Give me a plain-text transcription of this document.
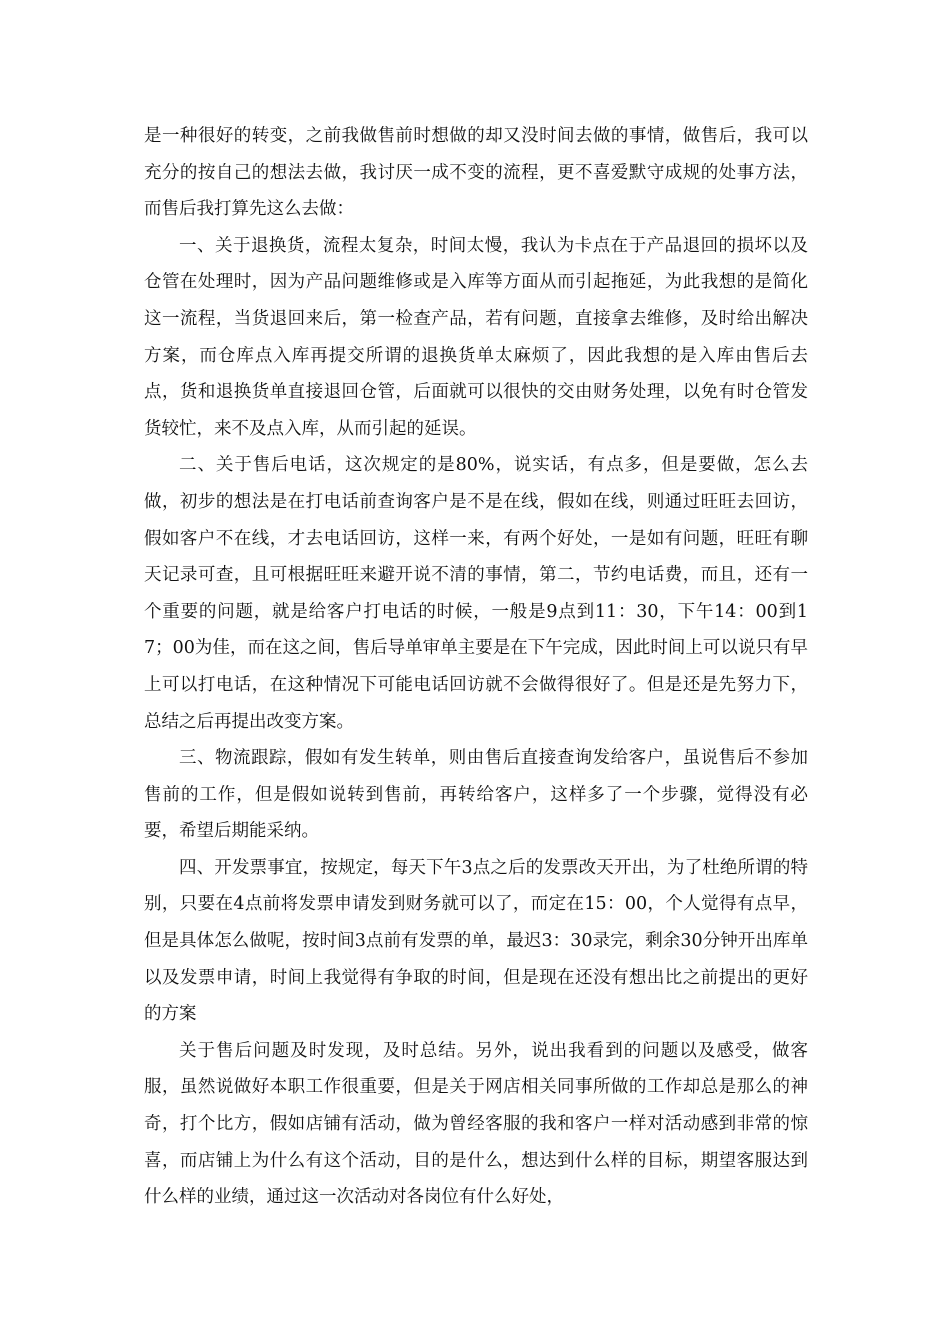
是一种很好的转变，之前我做售前时想做的却又没时间去做的事情，做售后，我可以充分的按自己的想法去做，我讨厌一成不变的流程，更不喜爱默守成规的处事方法，而售后我打算先这么去做：

一、关于退换货，流程太复杂，时间太慢，我认为卡点在于产品退回的损坏以及仓管在处理时，因为产品问题维修或是入库等方面从而引起拖延，为此我想的是简化这一流程，当货退回来后，第一检查产品，若有问题，直接拿去维修，及时给出解决方案，而仓库点入库再提交所谓的退换货单太麻烦了，因此我想的是入库由售后去点，货和退换货单直接退回仓管，后面就可以很快的交由财务处理，以免有时仓管发货较忙，来不及点入库，从而引起的延误。

二、关于售后电话，这次规定的是80%，说实话，有点多，但是要做，怎么去做，初步的想法是在打电话前查询客户是不是在线，假如在线，则通过旺旺去回访，假如客户不在线，才去电话回访，这样一来，有两个好处，一是如有问题，旺旺有聊天记录可查，且可根据旺旺来避开说不清的事情，第二，节约电话费，而且，还有一个重要的问题，就是给客户打电话的时候，一般是9点到11：30，下午14：00到17；00为佳，而在这之间，售后导单审单主要是在下午完成，因此时间上可以说只有早上可以打电话，在这种情况下可能电话回访就不会做得很好了。但是还是先努力下，总结之后再提出改变方案。

三、物流跟踪，假如有发生转单，则由售后直接查询发给客户，虽说售后不参加售前的工作，但是假如说转到售前，再转给客户，这样多了一个步骤，觉得没有必要，希望后期能采纳。

四、开发票事宜，按规定，每天下午3点之后的发票改天开出，为了杜绝所谓的特别，只要在4点前将发票申请发到财务就可以了，而定在15：00，个人觉得有点早，但是具体怎么做呢，按时间3点前有发票的单，最迟3：30录完，剩余30分钟开出库单以及发票申请，时间上我觉得有争取的时间，但是现在还没有想出比之前提出的更好的方案

关于售后问题及时发现，及时总结。另外，说出我看到的问题以及感受，做客服，虽然说做好本职工作很重要，但是关于网店相关同事所做的工作却总是那么的神奇，打个比方，假如店铺有活动，做为曾经客服的我和客户一样对活动感到非常的惊喜，而店铺上为什么有这个活动，目的是什么，想达到什么样的目标，期望客服达到什么样的业绩，通过这一次活动对各岗位有什么好处，
